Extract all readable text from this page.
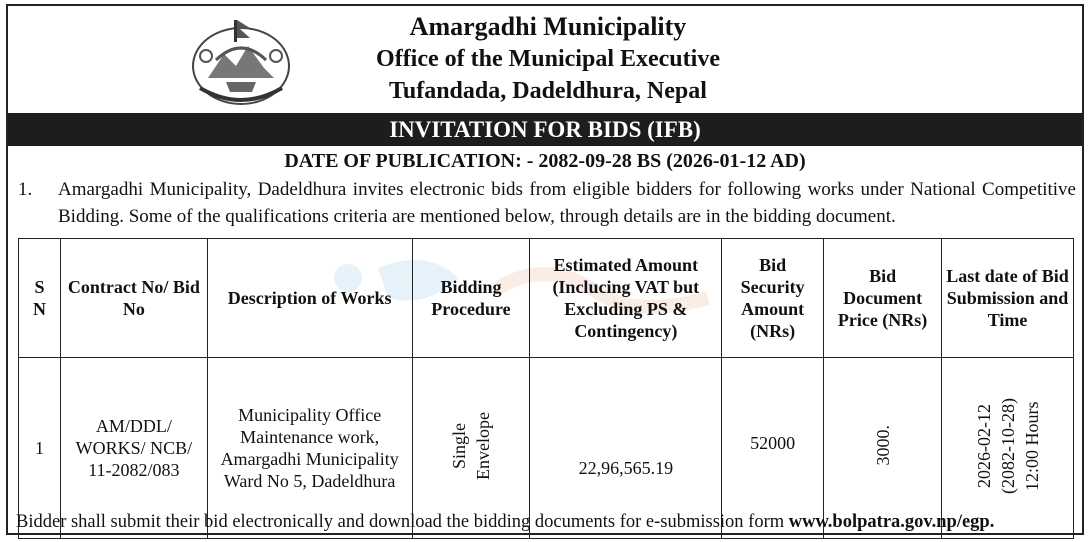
Amargadhi Municipality
Office of the Municipal Executive
Tufandada, Dadeldhura, Nepal
INVITATION FOR BIDS (IFB)
DATE OF PUBLICATION: - 2082-09-28 BS (2026-01-12 AD)
1. Amargadhi Municipality, Dadeldhura invites electronic bids from eligible bidders for following works under National Competitive Bidding. Some of the qualifications criteria are mentioned below, through details are in the bidding document.
S
N	Contract No/ Bid No	Description of Works	Bidding Procedure	Estimated Amount (Inclucing VAT but Excluding PS & Contingency)	Bid Security Amount (NRs)	Bid Document Price (NRs)	Last date of Bid Submission and Time
1	AM/DDL/ WORKS/ NCB/ 11-2082/083	Municipality Office Maintenance work, Amargadhi Municipality Ward No 5, Dadeldhura	Single Envelope	22,96,565.19	52000	3000.	2026-02-12 (2082-10-28) 12:00 Hours
Bidder shall submit their bid electronically and download the bidding documents for e-submission form www.bolpatra.gov.np/egp.
